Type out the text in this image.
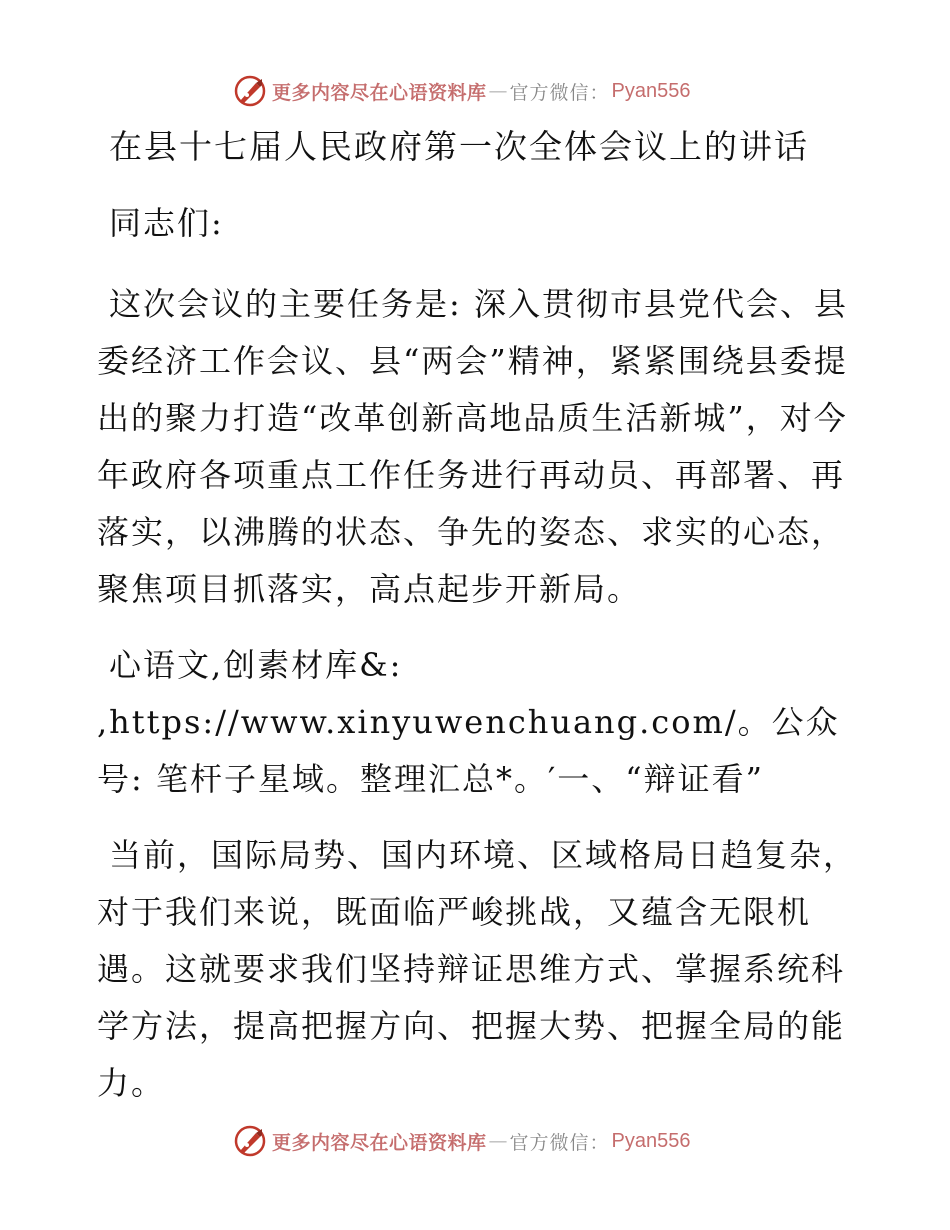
更多内容尽在心语资料库 — 官方微信： Pyan556
在县十七届人民政府第一次全体会议上的讲话

同志们:

这次会议的主要任务是: 深入贯彻市县党代会、县委经济工作会议、县“两会”精神，紧紧围绕县委提出的聚力打造“改革创新高地品质生活新城”，对今年政府各项重点工作任务进行再动员、再部署、再落实，以沸腾的状态、争先的姿态、求实的心态，聚焦项目抓落实，高点起步开新局。

心语文,创素材库&: ,https://www.xinyuwenchuang.com/。公众号: 笔杆子星域。整理汇总*。′一、“辩证看”

当前，国际局势、国内环境、区域格局日趋复杂，对于我们来说，既面临严峻挑战，又蕴含无限机遇。这就要求我们坚持辩证思维方式、掌握系统科学方法，提高把握方向、把握大势、把握全局的能力。

更多内容尽在心语资料库 — 官方微信： Pyan556
